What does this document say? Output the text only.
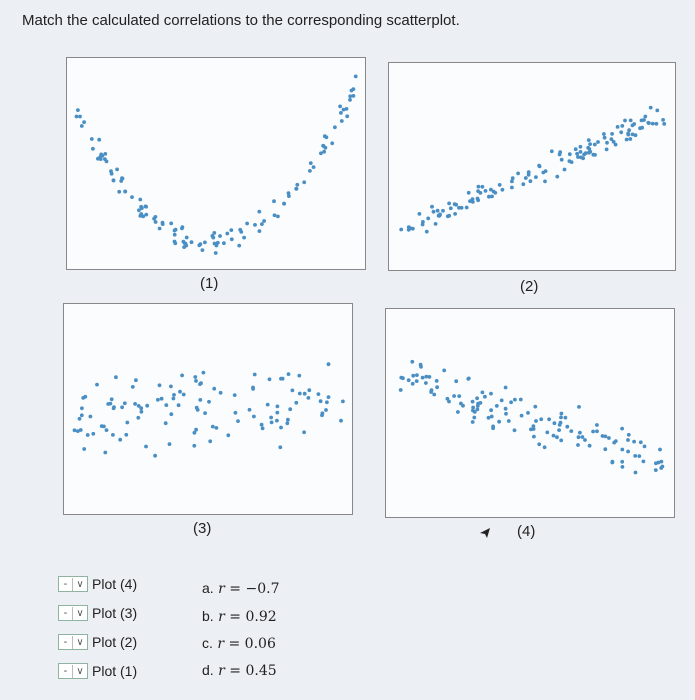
Match the calculated correlations to the corresponding scatterplot.
(1)	(2)
(3)	(4)
- ∨ Plot (4)
- ∨ Plot (3)
- ∨ Plot (2)
- ∨ Plot (1)
a. r = −0.7
b. r = 0.92
c. r = 0.06
d. r = 0.45
